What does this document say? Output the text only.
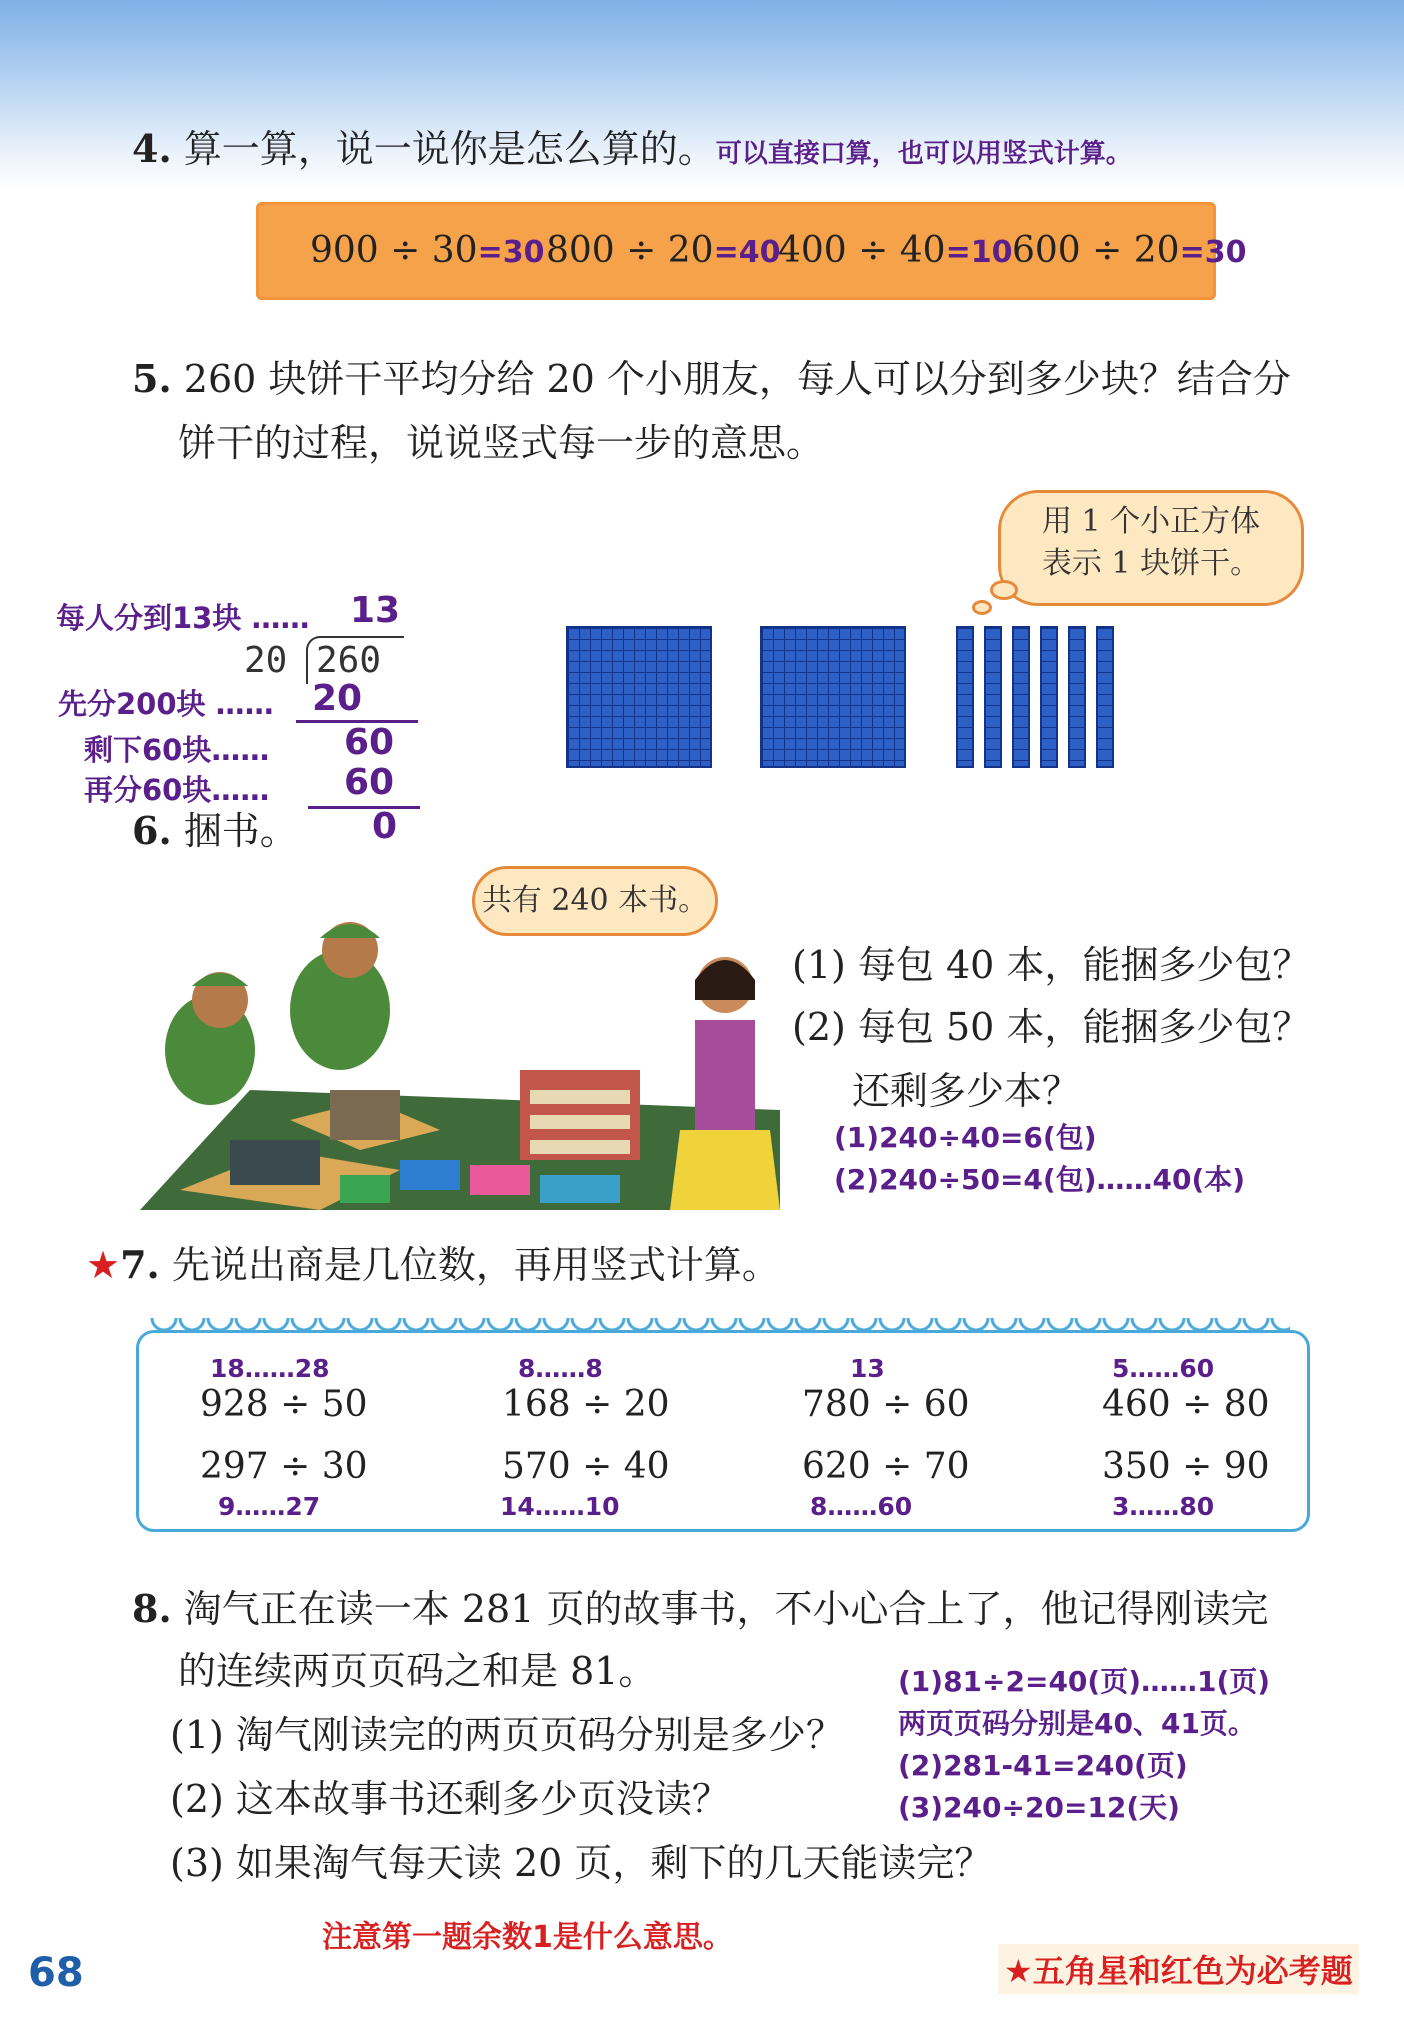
4. 算一算，说一说你是怎么算的。可以直接口算，也可以用竖式计算。
900 ÷ 30=30 800 ÷ 20=40
400 ÷ 40=10 600 ÷ 20=30
5. 260 块饼干平均分给 20 个小朋友，每人可以分到多少块？结合分
饼干的过程，说说竖式每一步的意思。
用 1 个小正方体
表示 1 块饼干。
每人分到13块 …… 13
20 260
先分200块 …… 20
剩下60块…… 60
再分60块…… 60
0
6. 捆书。
共有 240 本书。
(1) 每包 40 本，能捆多少包？
(2) 每包 50 本，能捆多少包？
还剩多少本？
(1)240÷40=6(包)
(2)240÷50=4(包)……40(本)
★7. 先说出商是几位数，再用竖式计算。
18……28
928 ÷ 50
8……8
168 ÷ 20
13
780 ÷ 60
5……60
460 ÷ 80
297 ÷ 30
9……27
570 ÷ 40
14……10
620 ÷ 70
8……60
350 ÷ 90
3……80
8. 淘气正在读一本 281 页的故事书，不小心合上了，他记得刚读完
的连续两页页码之和是 81。
(1) 淘气刚读完的两页页码分别是多少？
(2) 这本故事书还剩多少页没读？
(3) 如果淘气每天读 20 页，剩下的几天能读完？
(1)81÷2=40(页)……1(页)
两页页码分别是40、41页。
(2)281-41=240(页)
(3)240÷20=12(天)
注意第一题余数1是什么意思。
68	★五角星和红色为必考题
